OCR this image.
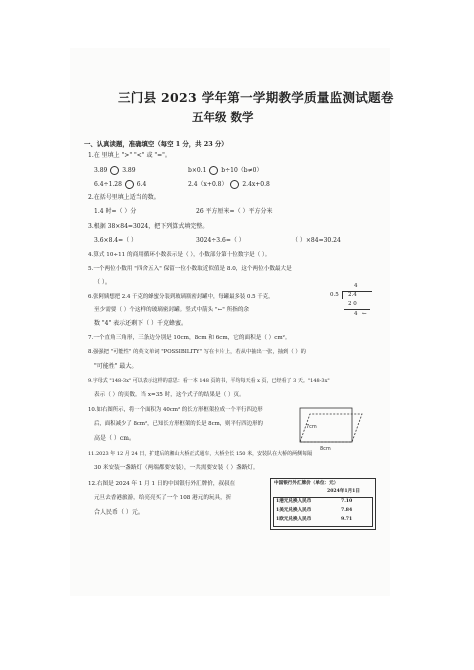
三门县 2023 学年第一学期教学质量监测试题卷
五年级 数学
一、认真读题，准确填空（每空 1 分，共 23 分）
1.在 里填上 ">" "<" 或 "="。
3.89 3.89	b×0.1 b÷10（b≠0）
6.4÷1.28 6.4	2.4（x+0.8） 2.4x+0.8
2.在括号里填上适当的数。
1.4 时=（ ）分	26 平方厘米=（ ）平方分米
3.根据 38×84=3024，把下列算式填完整。
3.6×8.4=（ ）	3024÷3.6=（ ）	（ ）×84=30.24
4.算式 10÷11 的商用循环小数表示是（ ），小数部分第十位数字是（ ）。
5.一个两位小数用 "四舍五入" 保留一位小数取近似值是 8.0，这个两位小数最大是
（ ）。
6.张阿姨想把 2.4 千克的蜂蜜分装到玻璃瓶密封罐中，每罐最多装 0.5 千克，
至少需要（ ）个这样的玻璃密封罐。竖式中箭头 "←" 所指的余
数 "4" 表示还剩下（ ）千克蜂蜜。
4
0.5 2.4
2 0
4 ←
7.一个直角三角形，三条边分别是 10cm，8cm 和 6cm，它的面积是（ ）cm²。
8.强强把 "可能性" 的英文单词 "POSSIBILITY" 写在卡片上，若从中抽出一张，抽到（ ）的
"可能性" 最大。
9.字母式 "148-3x" 可以表示这样的意思：看一本 148 页的书，平均每天看 x 页，已经看了 3 天。"148-3x"
表示（ ）的页数。当 x=35 时，这个式子的结果是（ ）页。
10.如右图所示，将一个面积为 40cm² 的长方形框架拉成一个平行四边形
后，面积减少了 8cm²，已知长方形框架的长是 8cm，则平行四边形的
高是（ ）cm。
7cm
8cm
11.2023 年 12 月 24 日，扩建后的湘山大桥正式通车，大桥全长 150 米，安装队在大桥的两侧每隔
30 米安装一盏路灯（两端都要安装），一共需要安装（ ）盏路灯。
12.右图是 2024 年 1 月 1 日的中国银行外汇牌价，叔叔在
元旦去香港旅游，给亮亮买了一个 108 港元的玩具，折
合人民币（ ）元。
中国银行外汇牌价（单位：元）
2024年1月1日
1港元兑换人民币	7.10
1美元兑换人民币	7.84
1欧元兑换人民币	9.71
